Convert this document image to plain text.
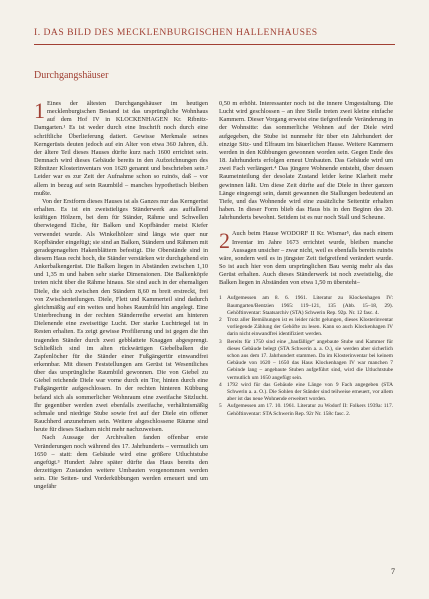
I. DAS BILD DES MECKLENBURGISCHEN HALLENHAUSES
Durchgangshäuser
1 Eines der ältesten Durchgangshäuser im heutigen mecklenburgischen Bestand ist das ursprüngliche Wohnhaus auf dem Hof IV in KLOCKENHAGEN Kr. Ribnitz-Damgarten.¹ Es ist weder durch eine Inschrift noch durch eine schriftliche Überlieferung datiert. Gewisse Merkmale seines Kerngerüsts deuten jedoch auf ein Alter von etwa 360 Jahren, d.h. der ältere Teil dieses Hauses dürfte kurz nach 1600 errichtet sein. Demnach wird dieses Gebäude bereits in den Aufzeichnungen des Ribnitzer Klosterinventars von 1620 genannt und beschrieben sein.² Leider war es zur Zeit der Aufnahme schon so ruinös, daß – vor allem in bezug auf sein Raumbild – manches hypothetisch bleiben mußte.

Von der Erstform dieses Hauses ist als Ganzes nur das Kerngerüst erhalten. Es ist ein zweistieliges Ständerwerk aus auffallend kräftigen Hölzern, bei dem für Ständer, Rähme und Schwellen überwiegend Eiche, für Balken und Kopfbänder meist Kiefer verwendet wurde. Als Winkelhölzer sind längs wie quer nur Kopfbänder eingefügt; sie sind an Balken, Ständern und Rähmen mit geradegenagelten Hakenblättern befestigt. Die Oberstände sind in diesem Haus recht hoch, die Ständer verstärken wir durchgehend ein Ankerbalkengerüst. Die Balken liegen in Abständen zwischen 1,10 und 1,35 m und haben sehr starke Dimensionen. Die Balkenköpfe treten nicht über die Rähme hinaus. Sie sind auch in der ehemaligen Diele, die sich zwischen den Ständern 8,60 m breit erstreckt, frei von Zwischenteilungen. Diele, Flett und Kammerteil sind dadurch gleichmäßig auf ein weites und hohes Raumbild hin angelegt. Eine Unterbrechung in der rechten Ständerreihe erweist am hinteren Dielenende eine zweiseitige Lucht. Der starke Luchtriegel ist in Resten erhalten. Es zeigt gewisse Profilierung und ist gegen die ihn tragenden Ständer durch zwei gebblattete Knaggen abgesprengt. Schließlich sind im alten rückwärtigen Giebelbalken die Zapfenlöcher für die Ständer einer Fußgängertür einwandfrei erkennbar. Mit diesen Feststellungen am Gerüst ist Wesentliches über das ursprüngliche Raumbild gewonnen. Die von Giebel zu Giebel reichende Diele war vorne durch ein Tor, hinten durch eine Fußgängertür aufgeschlossen. In der rechten hinteren Kübbung befand sich als sommerlicher Wohnraum eine zweifache Sitzlucht. Ihr gegenüber werden zwei ebenfalls zweifache, verhältnismäßig schmale und niedrige Stube sowie frei auf der Diele ein offener Rauchherd anzunehmen sein. Weitere abgeschlossene Räume sind heute für dieses Stadium nicht mehr nachzuweisen.

Nach Aussage der Archivalien fanden offenbar erste Veränderungen noch während des 17. Jahrhunderts – vermutlich um 1650 – statt: dem Gebäude wird eine größere Utluchtstube angefügt.³ Hundert Jahre später dürfte das Haus bereits den derzeitigen Zustanden weitere Umbauten vorgenommen werden sein. Die Seiten- und Vorderkübbungen werden erneuert und um ungefähr

0,50 m erhöht. Interessanter noch ist die innere Umgestaltung. Die Lucht wird geschlossen – an ihre Stelle treten zwei kleine einfache Kammern. Dieser Vorgang erweist eine tiefgreifende Veränderung in der Wohnsitte: das sommerliche Wohnen auf der Diele wird aufgegeben, die Stube ist nunmehr für über ein Jahrhundert der einzige Sitz- und Elfraum im bäuerlichen Hause. Weitere Kammern werden in den Kübbungen gewonnen worden sein. Gegen Ende des 18. Jahrhunderts erfolgen erneut Umbauten. Das Gebäude wird um zwei Fach verlängert.⁴ Das jüngere Wohnende entsteht, über dessen Raumeinteilung der desolate Zustand leider keine Klarheit mehr gewinnen läßt. Um diese Zeit dürfte auf die Diele in ihrer ganzen Länge eingeengt sein, damit gewannen die Stallungen bedeutend an Tiefe, und das Wohnende wird eine zusätzliche Seitentür erhalten haben. In dieser Form blieb das Haus bis in den Beginn des 20. Jahrhunderts bewohnt. Seitdem ist es nur noch Stall und Scheune.

2 Auch beim Hause WODORF II Kr. Wismar⁵, das nach einem Inventar im Jahre 1673 errichtet wurde, bleiben manche Aussagen unsicher – zwar nicht, weil es ebenfalls bereits ruinös wäre, sondern weil es in jüngster Zeit tiefgreifend verändert wurde. So ist auch hier von dem ursprünglichen Bau wenig mehr als das Gerüst erhalten. Auch dieses Ständerwerk ist noch zweistielig, die Balken liegen in Abständen von etwa 1,50 m übersteht–

1 Aufgemessen am 8. 6. 1961. Literatur zu Klockenhagen IV: Baumgarten/Bentzien 1965: 119–121, 135 (Abb. 15–18, 29). Gehöftinventar: Staatsarchiv (STA) Schwerin Rep. 92p. Nr. 12 fasc. 4.
2 Trotz aller Bemühungen ist es leider nicht gelungen, dieses Klosterinventar vorliegende Zählung der Gehöfte zu lesen. Kann so auch Klockenhagen IV darin nicht einwandfrei identifiziert werden.
3 Bereits für 1750 sind eine „baufällige“ angebaute Stube und Kammer für dieses Gebäude belegt (STA Schwerin a. a. O.), sie werden aber sicherlich schon aus dem 17. Jahrhundert stammen. Da im Klosterinventar bei keinem Gebäude von 1620 – 1650 das Haus Klockenhagen IV war manchen 7 Gebinde lang – angebaute Stuben aufgeführt sind, wird die Utluchtstube vermutlich um 1650 angefügt sein.
4 1792 wird für das Gebäude eine Länge von 9 Fach angegeben (STA Schwerin a. a. O.). Die Sohlen der Ständer sind teilweise erneuert, vor allem aber ist das neue Wohnende erweitert worden.
5 Aufgemessen am 17. 10. 1961. Literatur zu Wodorf II: Folkers 1939a: 117. Gehöftinventar: STA Schwerin Rep. 92r Nr. 158c fasc. 2.
7
